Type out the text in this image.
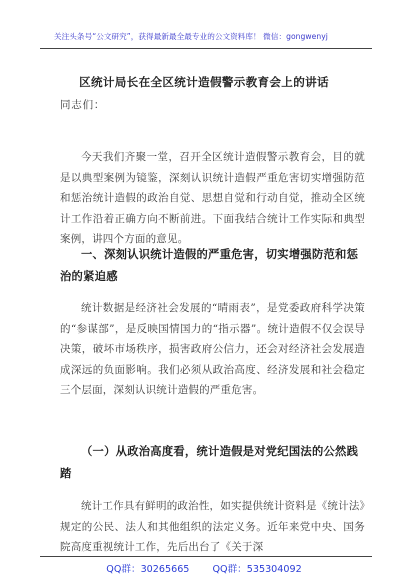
关注头条号“公文研究”，获得最新最全最专业的公文资料库！ 微信：gongwenyj
区统计局长在全区统计造假警示教育会上的讲话
同志们：

今天我们齐聚一堂，召开全区统计造假警示教育会，目的就是以典型案例为镜鉴，深刻认识统计造假严重危害切实增强防范和惩治统计造假的政治自觉、思想自觉和行动自觉，推动全区统计工作沿着正确方向不断前进。下面我结合统计工作实际和典型案例，讲四个方面的意见。

一、深刻认识统计造假的严重危害，切实增强防范和惩治的紧迫感

统计数据是经济社会发展的“晴雨表”，是党委政府科学决策的“参谋部”，是反映国情国力的“指示器”。统计造假不仅会误导决策，破坏市场秩序，损害政府公信力，还会对经济社会发展造成深远的负面影响。我们必须从政治高度、经济发展和社会稳定三个层面，深刻认识统计造假的严重危害。

（一）从政治高度看，统计造假是对党纪国法的公然践踏

统计工作具有鲜明的政治性，如实提供统计资料是《统计法》规定的公民、法人和其他组织的法定义务。近年来党中央、国务院高度重视统计工作，先后出台了《关于深

QQ群：30265665 QQ群：535304092
